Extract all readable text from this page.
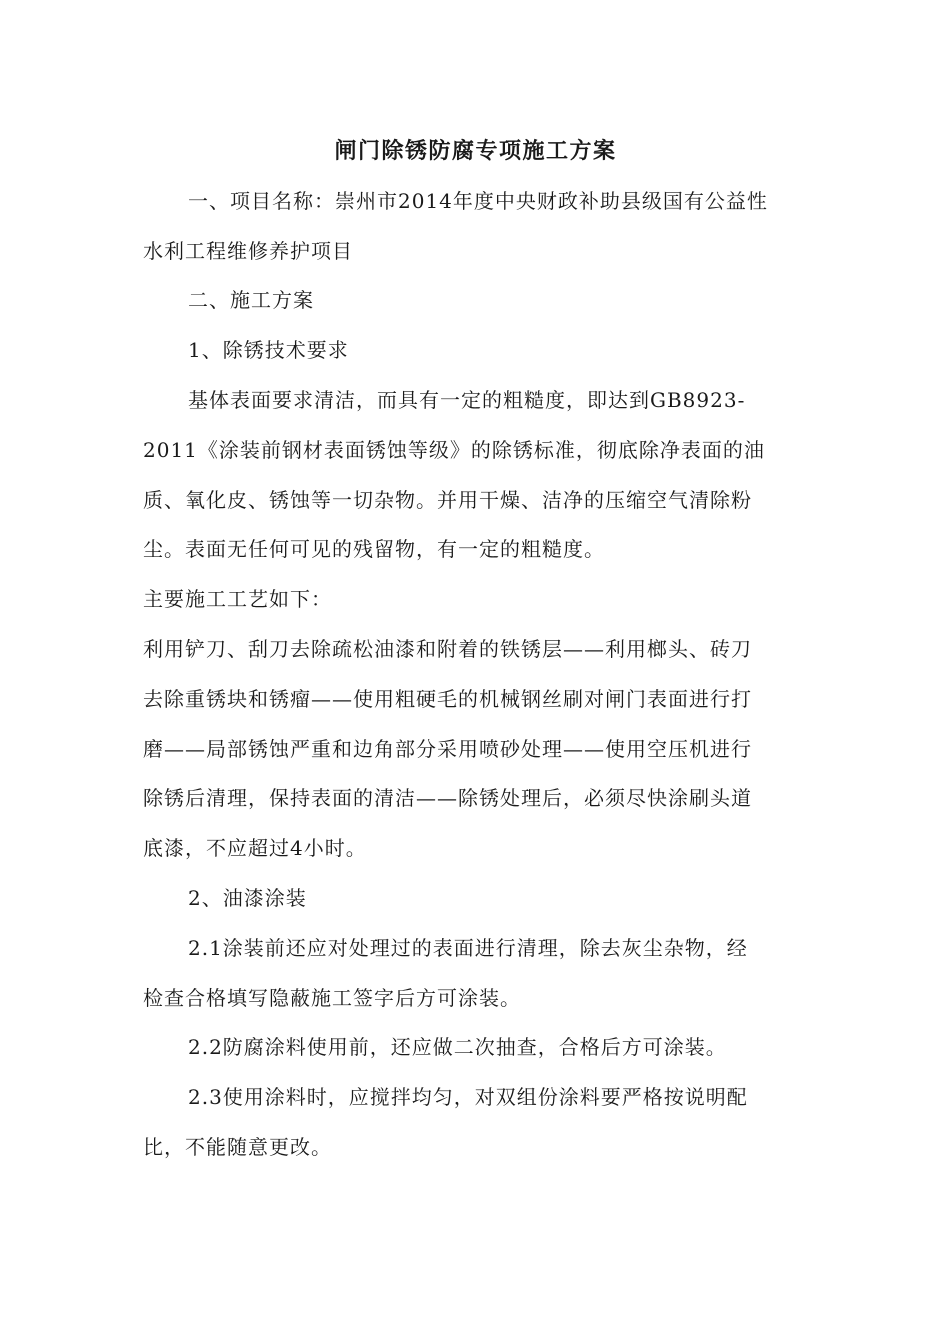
闸门除锈防腐专项施工方案
一、项目名称：崇州市2014年度中央财政补助县级国有公益性
水利工程维修养护项目
二、施工方案
1、除锈技术要求
基体表面要求清洁，而具有一定的粗糙度，即达到GB8923-
2011《涂装前钢材表面锈蚀等级》的除锈标准，彻底除净表面的油
质、氧化皮、锈蚀等一切杂物。并用干燥、洁净的压缩空气清除粉
尘。表面无任何可见的残留物，有一定的粗糙度。
主要施工工艺如下：
利用铲刀、刮刀去除疏松油漆和附着的铁锈层——利用榔头、砖刀
去除重锈块和锈瘤——使用粗硬毛的机械钢丝刷对闸门表面进行打
磨——局部锈蚀严重和边角部分采用喷砂处理——使用空压机进行
除锈后清理，保持表面的清洁——除锈处理后，必须尽快涂刷头道
底漆，不应超过4小时。
2、油漆涂装
2.1涂装前还应对处理过的表面进行清理，除去灰尘杂物，经
检查合格填写隐蔽施工签字后方可涂装。
2.2防腐涂料使用前，还应做二次抽查，合格后方可涂装。
2.3使用涂料时，应搅拌均匀，对双组份涂料要严格按说明配
比，不能随意更改。
